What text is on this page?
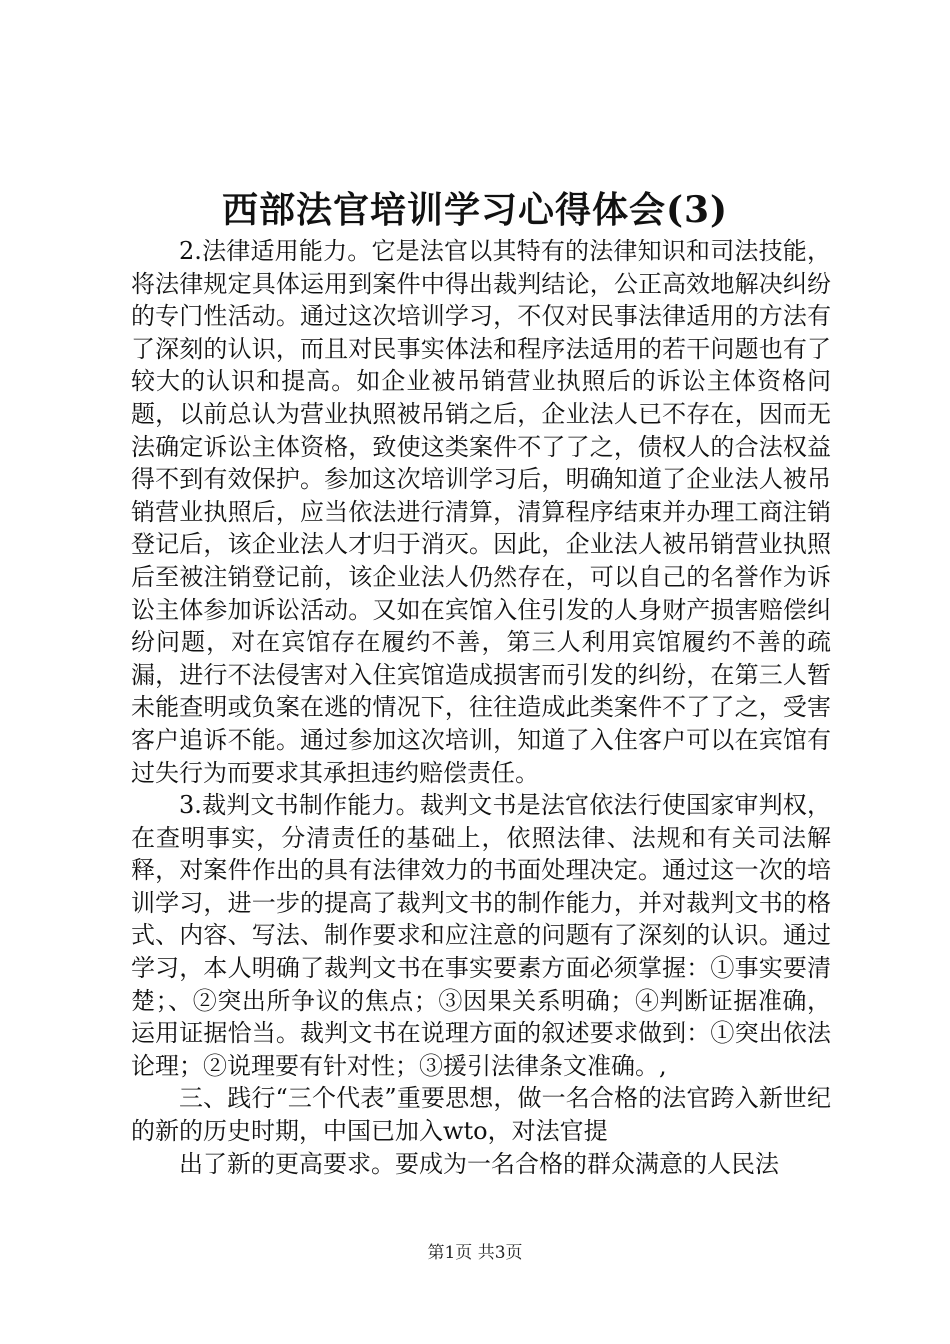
西部法官培训学习心得体会(3)

2.法律适用能力。它是法官以其特有的法律知识和司法技能，将法律规定具体运用到案件中得出裁判结论，公正高效地解决纠纷的专门性活动。通过这次培训学习，不仅对民事法律适用的方法有了深刻的认识，而且对民事实体法和程序法适用的若干问题也有了较大的认识和提高。如企业被吊销营业执照后的诉讼主体资格问题，以前总认为营业执照被吊销之后，企业法人已不存在，因而无法确定诉讼主体资格，致使这类案件不了了之，债权人的合法权益得不到有效保护。参加这次培训学习后，明确知道了企业法人被吊销营业执照后，应当依法进行清算，清算程序结束并办理工商注销登记后，该企业法人才归于消灭。因此，企业法人被吊销营业执照后至被注销登记前，该企业法人仍然存在，可以自己的名誉作为诉讼主体参加诉讼活动。又如在宾馆入住引发的人身财产损害赔偿纠纷问题，对在宾馆存在履约不善，第三人利用宾馆履约不善的疏漏，进行不法侵害对入住宾馆造成损害而引发的纠纷，在第三人暂未能查明或负案在逃的情况下，往往造成此类案件不了了之，受害客户追诉不能。通过参加这次培训，知道了入住客户可以在宾馆有过失行为而要求其承担违约赔偿责任。

3.裁判文书制作能力。裁判文书是法官依法行使国家审判权，在查明事实，分清责任的基础上，依照法律、法规和有关司法解释，对案件作出的具有法律效力的书面处理决定。通过这一次的培训学习，进一步的提高了裁判文书的制作能力，并对裁判文书的格式、内容、写法、制作要求和应注意的问题有了深刻的认识。通过学习，本人明确了裁判文书在事实要素方面必须掌握：①事实要清楚；、②突出所争议的焦点；③因果关系明确；④判断证据准确，运用证据恰当。裁判文书在说理方面的叙述要求做到：①突出依法论理；②说理要有针对性；③援引法律条文准确。,

三、践行“三个代表”重要思想，做一名合格的法官跨入新世纪的新的历史时期，中国已加入wto，对法官提

出了新的更高要求。要成为一名合格的群众满意的人民法

第1页 共3页
